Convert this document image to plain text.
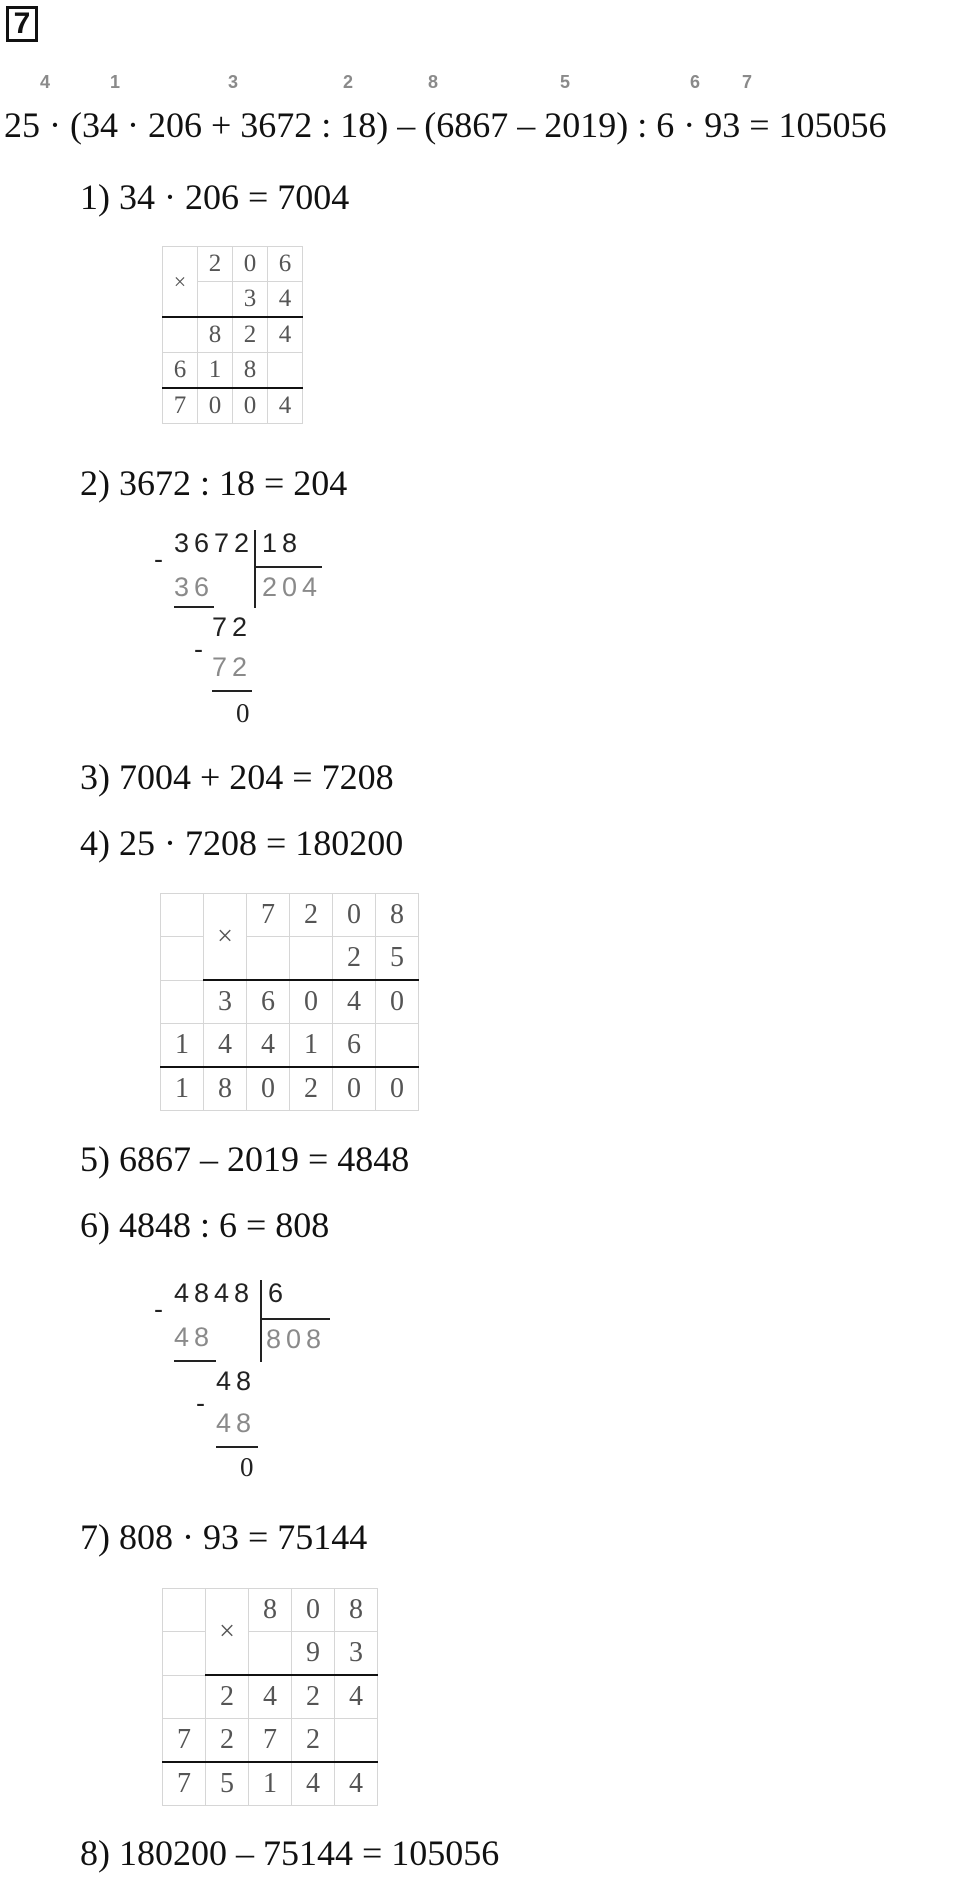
7
4	1	3	2	8	5	6 7
25 · (34 · 206 + 3672 : 18) – (6867 – 2019) : 6 · 93 = 105056
1) 34 · 206 = 7004
×	2	0	6
		3	4
	8	2	4
6	1	8	
7	0	0	4
2) 3672 : 18 = 204
-
3672 18
204
36
72
-
72
0
3) 7004 + 204 = 7208
4) 25 · 7208 = 180200
	×	7	2	0	8
				2	5
	3	6	0	4	0
1	4	4	1	6	
1	8	0	2	0	0
5) 6867 – 2019 = 4848
6) 4848 : 6 = 808
-
4848 6
808
48
48
-
48
0
7) 808 · 93 = 75144
	×	8	0	8
			9	3
	2	4	2	4
7	2	7	2	
7	5	1	4	4
8) 180200 – 75144 = 105056
